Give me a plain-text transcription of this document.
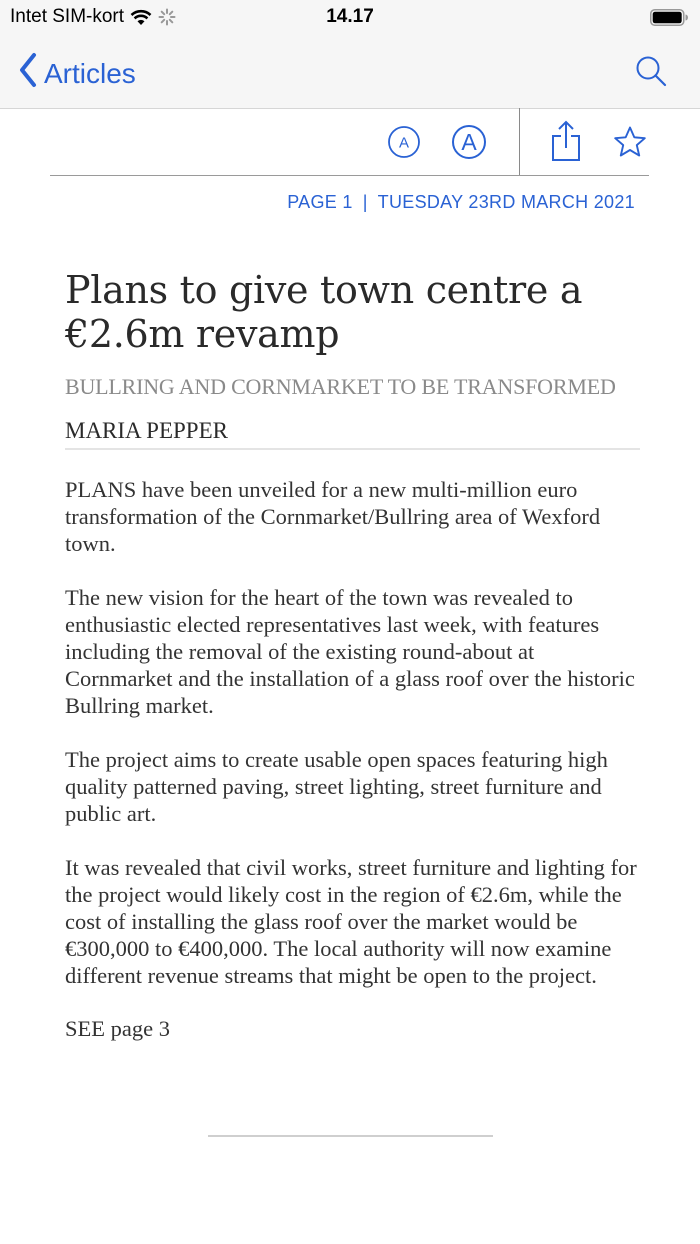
Intet SIM-kort	14.17
Articles
A A
PAGE 1 | TUESDAY 23RD MARCH 2021
Plans to give town centre a €2.6m revamp
BULLRING AND CORNMARKET TO BE TRANSFORMED
MARIA PEPPER

PLANS have been unveiled for a new multi-million euro transformation of the Cornmarket/Bullring area of Wexford town.

The new vision for the heart of the town was revealed to enthusiastic elected representatives last week, with features including the removal of the existing round-about at Cornmarket and the installation of a glass roof over the historic Bullring market.

The project aims to create usable open spaces featuring high quality patterned paving, street lighting, street furniture and public art.

It was revealed that civil works, street furniture and lighting for the project would likely cost in the region of €2.6m, while the cost of installing the glass roof over the market would be €300,000 to €400,000. The local authority will now examine different revenue streams that might be open to the project.

SEE page 3
